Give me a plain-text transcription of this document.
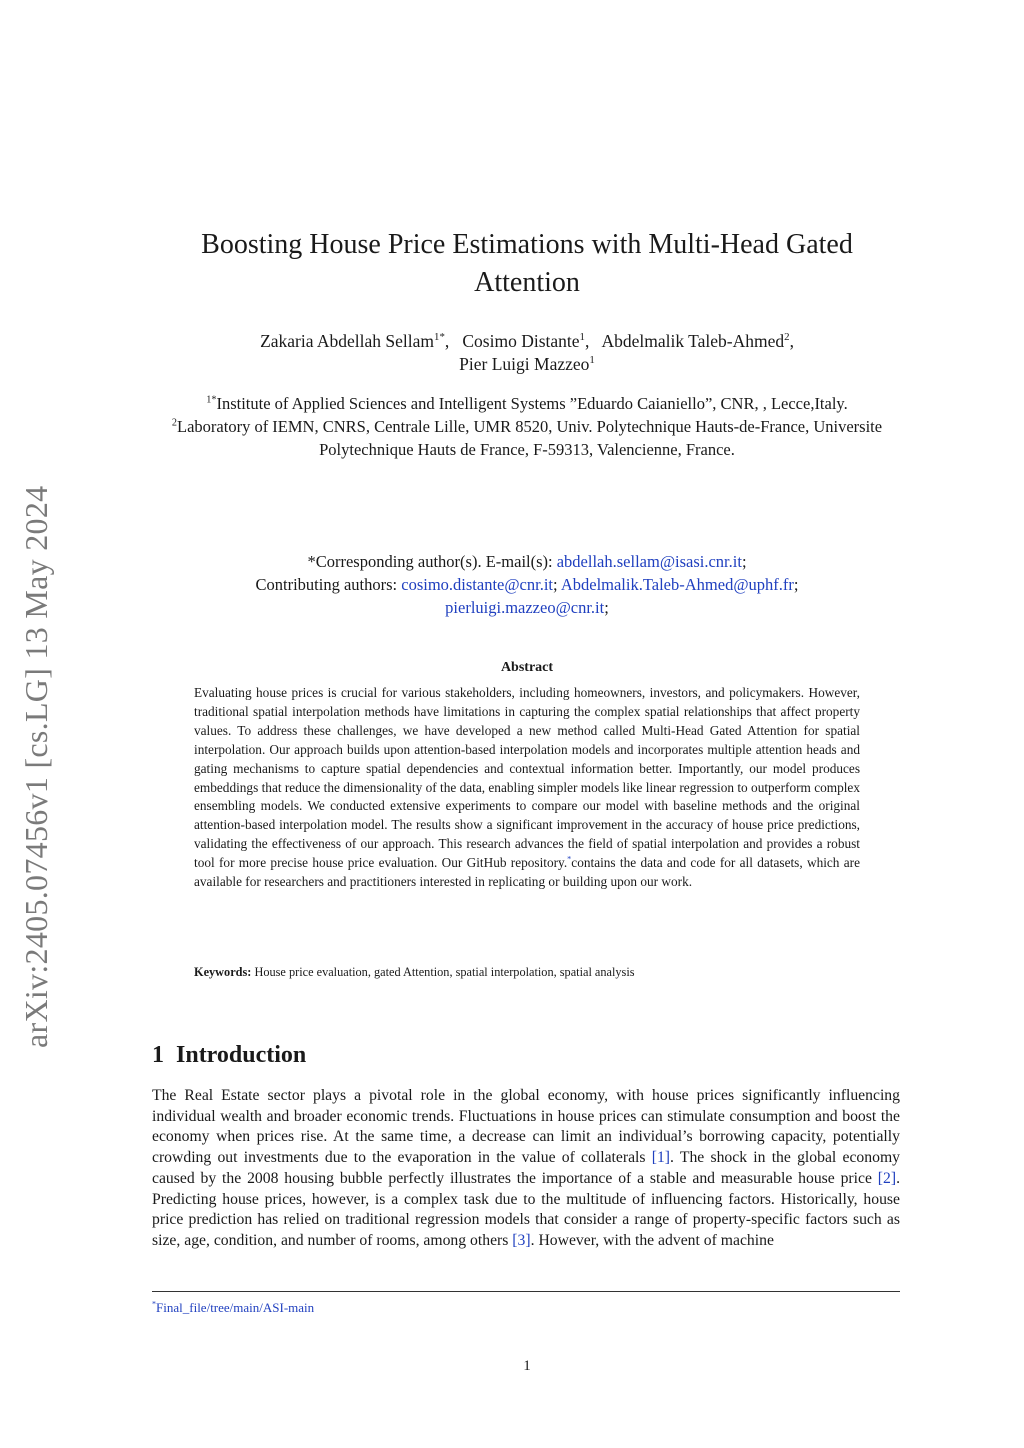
arXiv:2405.07456v1 [cs.LG] 13 May 2024
Boosting House Price Estimations with Multi-Head Gated Attention
Zakaria Abdellah Sellam$^{1*}$,   Cosimo Distante$^1$,   Abdelmalik Taleb-Ahmed$^2$,
Pier Luigi Mazzeo$^1$
$^{1*}$Institute of Applied Sciences and Intelligent Systems ”Eduardo Caianiello”, CNR, , Lecce,Italy.
$^2$Laboratory of IEMN, CNRS, Centrale Lille, UMR 8520, Univ. Polytechnique Hauts-de-France, Universite Polytechnique Hauts de France, F-59313, Valencienne, France.
*Corresponding author(s). E-mail(s): abdellah.sellam@isasi.cnr.it;
Contributing authors: cosimo.distante@cnr.it; Abdelmalik.Taleb-Ahmed@uphf.fr;
pierluigi.mazzeo@cnr.it;
Abstract

Evaluating house prices is crucial for various stakeholders, including homeowners, investors, and policymakers. However, traditional spatial interpolation methods have limitations in capturing the complex spatial relationships that affect property values. To address these challenges, we have developed a new method called Multi-Head Gated Attention for spatial interpolation. Our approach builds upon attention-based interpolation models and incorporates multiple attention heads and gating mechanisms to capture spatial dependencies and contextual information better. Importantly, our model produces embeddings that reduce the dimensionality of the data, enabling simpler models like linear regression to outperform complex ensembling models. We conducted extensive experiments to compare our model with baseline methods and the original attention-based interpolation model. The results show a significant improvement in the accuracy of house price predictions, validating the effectiveness of our approach. This research advances the field of spatial interpolation and provides a robust tool for more precise house price evaluation. Our GitHub repository.*contains the data and code for all datasets, which are available for researchers and practitioners interested in replicating or building upon our work.

Keywords: House price evaluation, gated Attention, spatial interpolation, spatial analysis
1 Introduction

The Real Estate sector plays a pivotal role in the global economy, with house prices significantly influencing individual wealth and broader economic trends. Fluctuations in house prices can stimulate consumption and boost the economy when prices rise. At the same time, a decrease can limit an individual’s borrowing capacity, potentially crowding out investments due to the evaporation in the value of collaterals [1]. The shock in the global economy caused by the 2008 housing bubble perfectly illustrates the importance of a stable and measurable house price [2]. Predicting house prices, however, is a complex task due to the multitude of influencing factors. Historically, house price prediction has relied on traditional regression models that consider a range of property-specific factors such as size, age, condition, and number of rooms, among others [3]. However, with the advent of machine

*Final_file/tree/main/ASI-main
1
